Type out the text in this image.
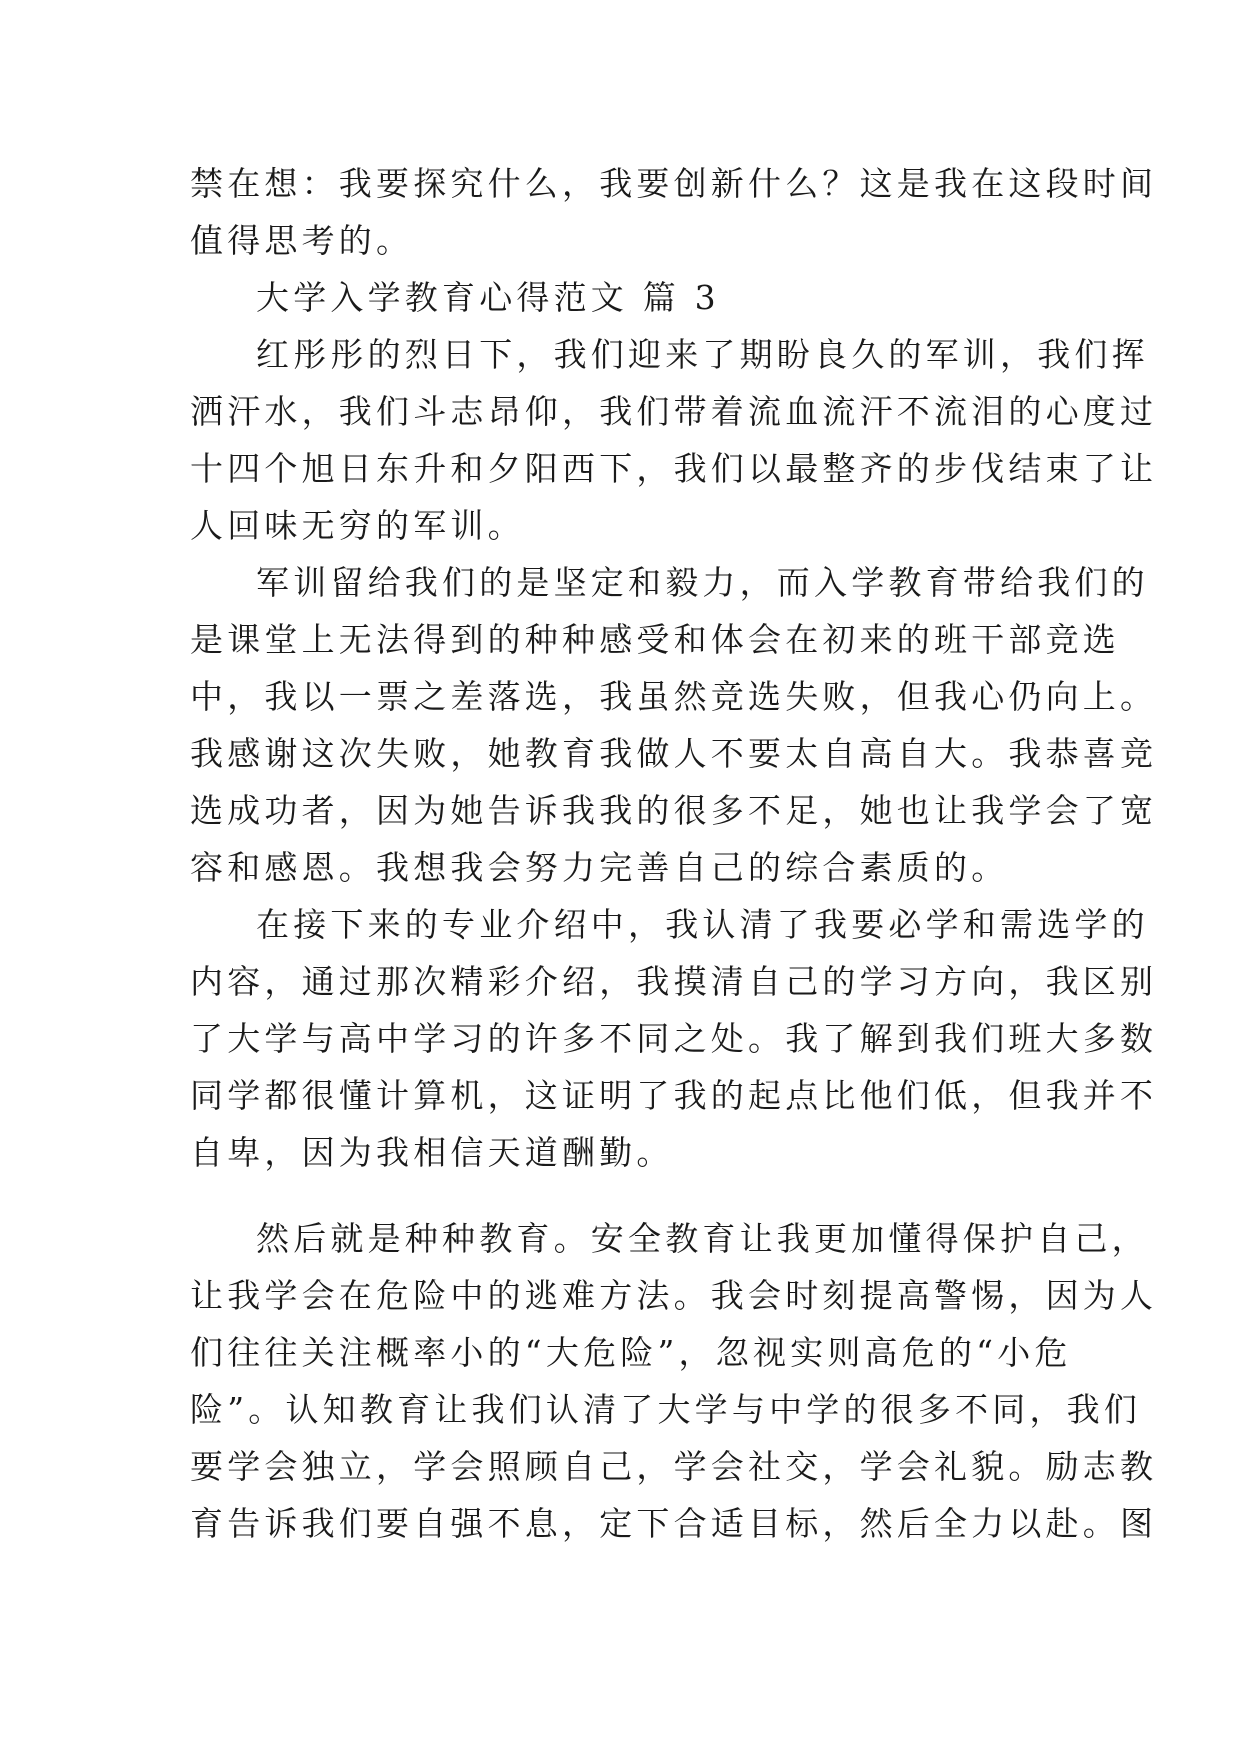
禁在想：我要探究什么，我要创新什么？这是我在这段时间
值得思考的。
大学入学教育心得范文 篇 3
红彤彤的烈日下，我们迎来了期盼良久的军训，我们挥
洒汗水，我们斗志昂仰，我们带着流血流汗不流泪的心度过
十四个旭日东升和夕阳西下，我们以最整齐的步伐结束了让
人回味无穷的军训。
军训留给我们的是坚定和毅力，而入学教育带给我们的
是课堂上无法得到的种种感受和体会在初来的班干部竞选
中，我以一票之差落选，我虽然竞选失败，但我心仍向上。
我感谢这次失败，她教育我做人不要太自高自大。我恭喜竞
选成功者，因为她告诉我我的很多不足，她也让我学会了宽
容和感恩。我想我会努力完善自己的综合素质的。
在接下来的专业介绍中，我认清了我要必学和需选学的
内容，通过那次精彩介绍，我摸清自己的学习方向，我区别
了大学与高中学习的许多不同之处。我了解到我们班大多数
同学都很懂计算机，这证明了我的起点比他们低，但我并不
自卑，因为我相信天道酬勤。
然后就是种种教育。安全教育让我更加懂得保护自己，
让我学会在危险中的逃难方法。我会时刻提高警惕，因为人
们往往关注概率小的“大危险”，忽视实则高危的“小危
险”。认知教育让我们认清了大学与中学的很多不同，我们
要学会独立，学会照顾自己，学会社交，学会礼貌。励志教
育告诉我们要自强不息，定下合适目标，然后全力以赴。图
